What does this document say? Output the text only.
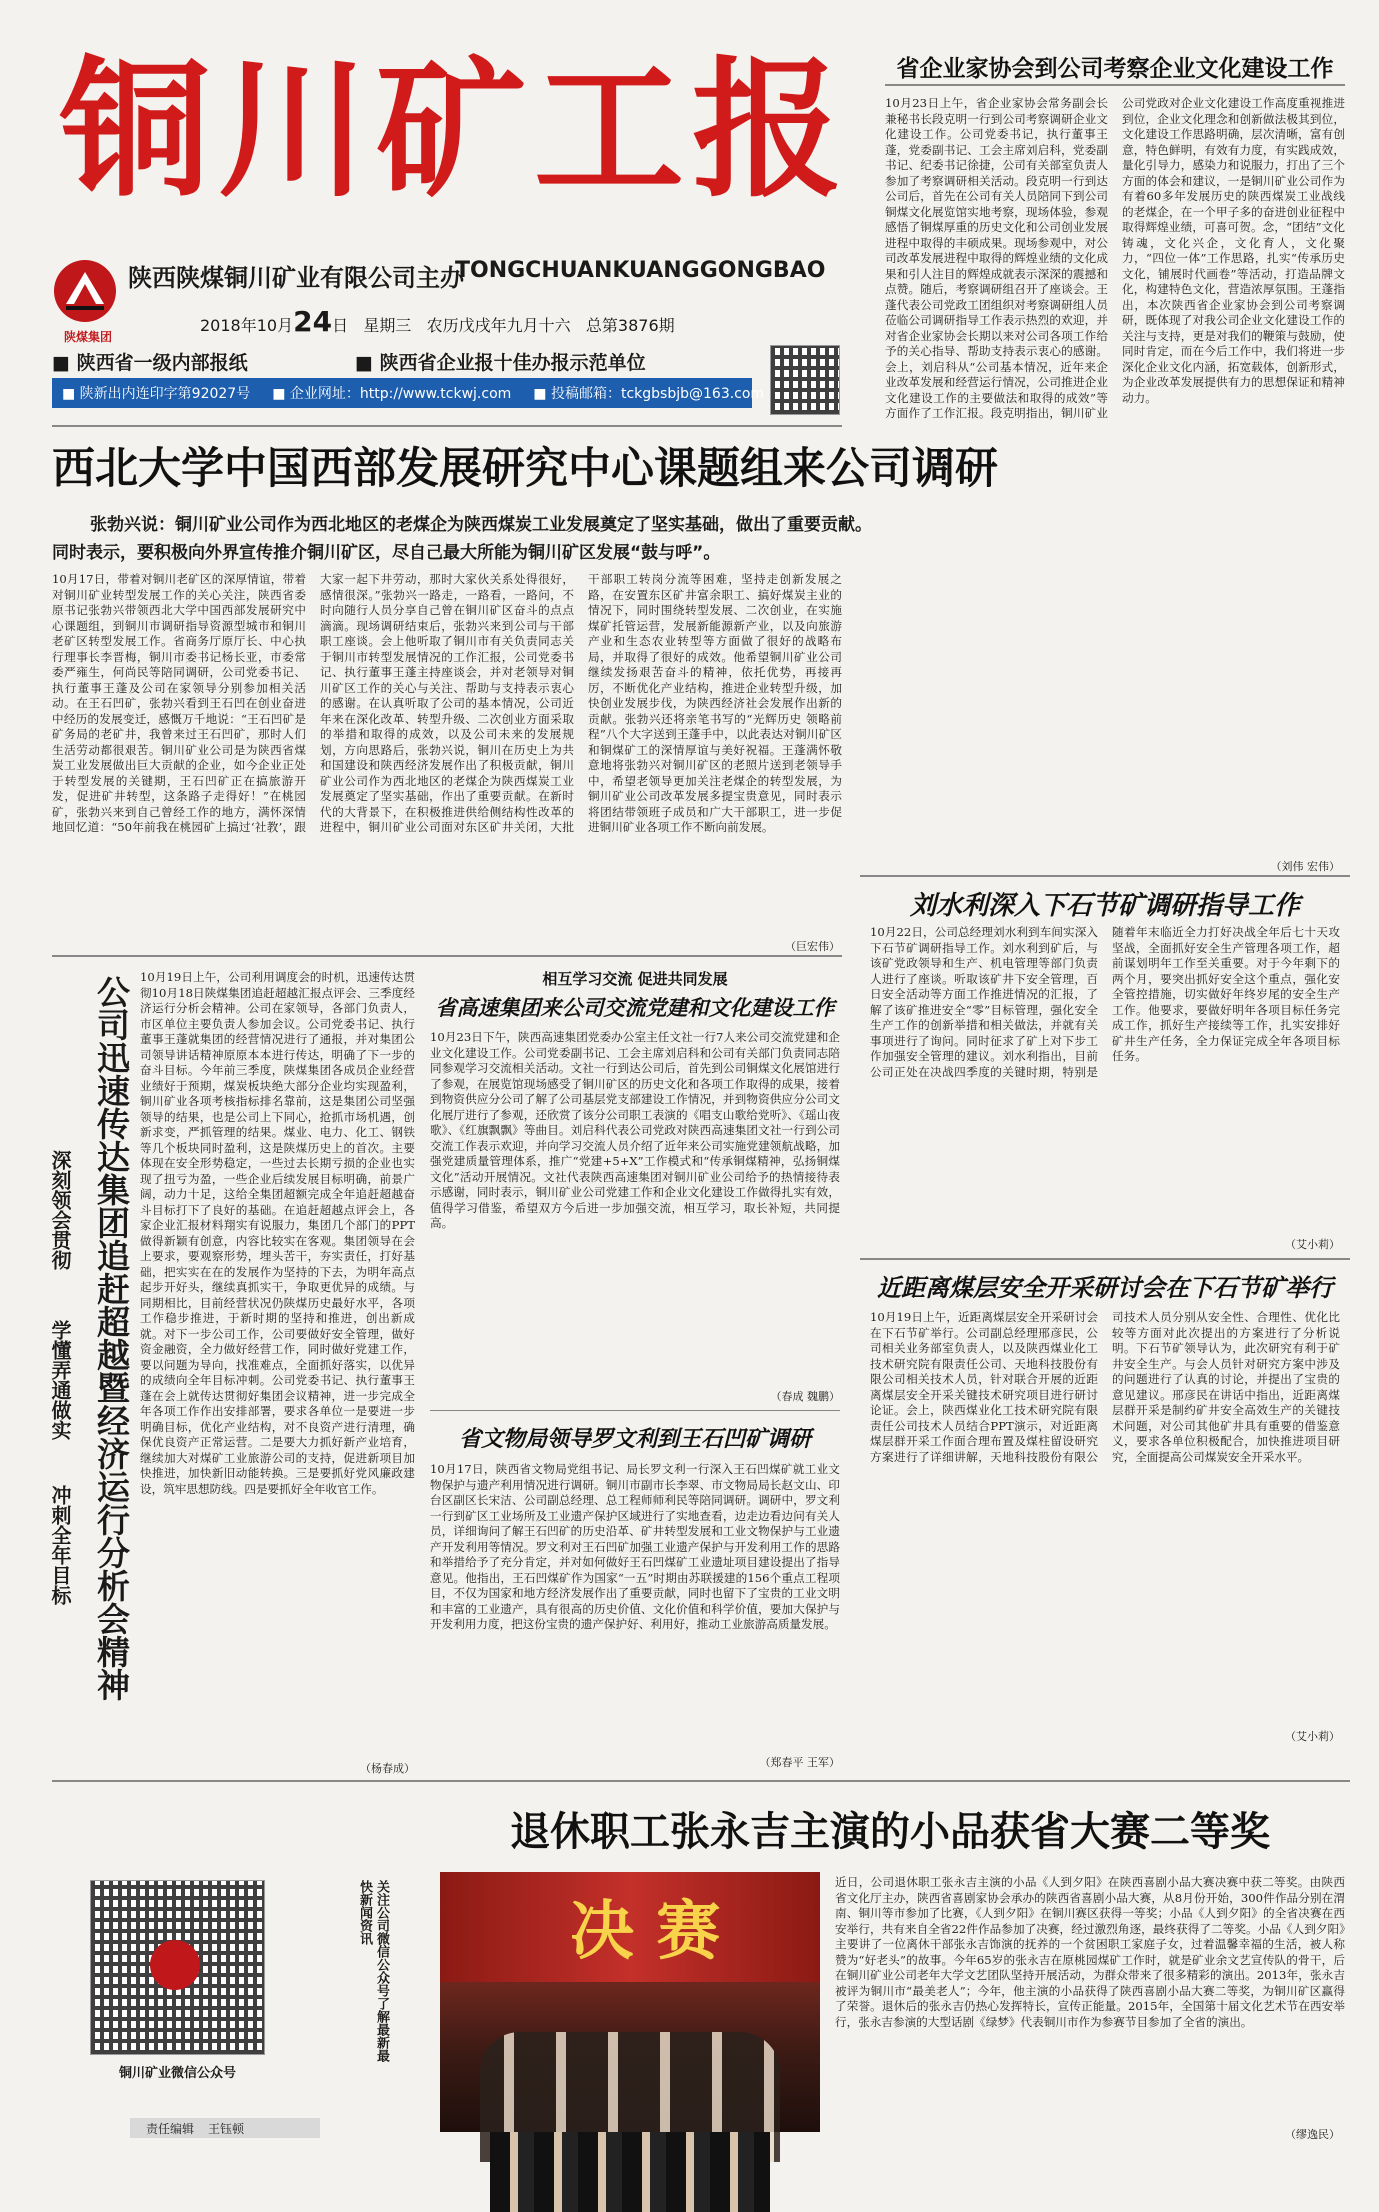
铜川矿工报
陕煤集团
陕西陕煤铜川矿业有限公司主办
TONGCHUANKUANGGONGBAO
2018年10月24日 星期三 农历戊戌年九月十六 总第3876期
■ 陕西省一级内部报纸	■ 陕西省企业报十佳办报示范单位
■ 陕新出内连印字第92027号 ■ 企业网址：http://www.tckwj.com ■ 投稿邮箱：tckgbsbjb@163.com
西北大学中国西部发展研究中心课题组来公司调研
张勃兴说：铜川矿业公司作为西北地区的老煤企为陕西煤炭工业发展奠定了坚实基础，做出了重要贡献。
同时表示，要积极向外界宣传推介铜川矿区，尽自己最大所能为铜川矿区发展“鼓与呼”。
10月17日，带着对铜川老矿区的深厚情谊，带着对铜川矿业转型发展工作的关心关注，陕西省委原书记张勃兴带领西北大学中国西部发展研究中心课题组，到铜川市调研指导资源型城市和铜川老矿区转型发展工作。省商务厅原厅长、中心执行理事长李晋梅，铜川市委书记杨长亚，市委常委严雍生，何尚民等陪同调研，公司党委书记、执行董事王蓬及公司在家领导分别参加相关活动。在王石凹矿，张勃兴看到王石凹在创业奋进中经历的发展变迁，感慨万千地说：“王石凹矿是矿务局的老矿井，我曾来过王石凹矿，那时人们生活劳动都很艰苦。铜川矿业公司是为陕西省煤炭工业发展做出巨大贡献的企业，如今企业正处于转型发展的关键期，王石凹矿正在搞旅游开发，促进矿井转型，这条路子走得好！”在桃园矿，张勃兴来到自己曾经工作的地方，满怀深情地回忆道：“50年前我在桃园矿上搞过‘社教’，跟大家一起下井劳动，那时大家伙关系处得很好，感情很深。”张勃兴一路走，一路看，一路问，不时向随行人员分享自己曾在铜川矿区奋斗的点点滴滴。现场调研结束后，张勃兴来到公司与干部职工座谈。会上他听取了铜川市有关负责同志关于铜川市转型发展情况的工作汇报，公司党委书记、执行董事王蓬主持座谈会，并对老领导对铜川矿区工作的关心与关注、帮助与支持表示衷心的感谢。在认真听取了公司的基本情况，公司近年来在深化改革、转型升级、二次创业方面采取的举措和取得的成效，以及公司未来的发展规划，方向思路后，张勃兴说，铜川在历史上为共和国建设和陕西经济发展作出了积极贡献，铜川矿业公司作为西北地区的老煤企为陕西煤炭工业发展奠定了坚实基础，作出了重要贡献。在新时代的大背景下，在积极推进供给侧结构性改革的进程中，铜川矿业公司面对东区矿井关闭，大批干部职工转岗分流等困难，坚持走创新发展之路，在安置东区矿井富余职工、搞好煤炭主业的情况下，同时围绕转型发展、二次创业，在实施煤矿托管运营，发展新能源新产业，以及向旅游产业和生态农业转型等方面做了很好的战略布局，并取得了很好的成效。他希望铜川矿业公司继续发扬艰苦奋斗的精神，依托优势，再接再厉，不断优化产业结构，推进企业转型升级，加快创业发展步伐，为陕西经济社会发展作出新的贡献。张勃兴还将亲笔书写的“光辉历史 领略前程”八个大字送到王蓬手中，以此表达对铜川矿区和铜煤矿工的深情厚谊与美好祝福。王蓬满怀敬意地将张勃兴对铜川矿区的老照片送到老领导手中，希望老领导更加关注老煤企的转型发展，为铜川矿业公司改革发展多提宝贵意见，同时表示将团结带领班子成员和广大干部职工，进一步促进铜川矿业各项工作不断向前发展。
（巨宏伟）
省企业家协会到公司考察企业文化建设工作
10月23日上午，省企业家协会常务副会长兼秘书长段克明一行到公司考察调研企业文化建设工作。公司党委书记，执行董事王蓬，党委副书记、工会主席刘启科，党委副书记、纪委书记徐捷，公司有关部室负责人参加了考察调研相关活动。段克明一行到达公司后，首先在公司有关人员陪同下到公司铜煤文化展览馆实地考察，现场体验，参观感悟了铜煤厚重的历史文化和公司创业发展进程中取得的丰硕成果。现场参观中，对公司改革发展进程中取得的辉煌业绩的文化成果和引人注目的辉煌成就表示深深的震撼和点赞。随后，考察调研组召开了座谈会。王蓬代表公司党政工团组织对考察调研组人员莅临公司调研指导工作表示热烈的欢迎，并对省企业家协会长期以来对公司各项工作给予的关心指导、帮助支持表示衷心的感谢。会上，刘启科从“公司基本情况，近年来企业改革发展和经营运行情况，公司推进企业文化建设工作的主要做法和取得的成效”等方面作了工作汇报。段克明指出，铜川矿业公司党政对企业文化建设工作高度重视推进到位，企业文化理念和创新做法极其到位，文化建设工作思路明确，层次清晰，富有创意，特色鲜明，有效有力度，有实践成效，量化引导力，感染力和说服力，打出了三个方面的体会和建议，一是铜川矿业公司作为有着60多年发展历史的陕西煤炭工业战线的老煤企，在一个甲子多的奋进创业征程中取得辉煌业绩，可喜可贺。念，“团结”文化铸魂，文化兴企，文化育人，文化聚力，“四位一体”工作思路，扎实“传承历史文化，铺展时代画卷”等活动，打造品牌文化，构建特色文化，营造浓厚氛围。王蓬指出，本次陕西省企业家协会到公司考察调研，既体现了对我公司企业文化建设工作的关注与支持，更是对我们的鞭策与鼓励，使同时肯定，而在今后工作中，我们将进一步深化企业文化内涵，拓宽载体，创新形式，为企业改革发展提供有力的思想保证和精神动力。
（刘伟 宏伟）
刘水利深入下石节矿调研指导工作
10月22日，公司总经理刘水利到车间实深入下石节矿调研指导工作。刘水利到矿后，与该矿党政领导和生产、机电管理等部门负责人进行了座谈。听取该矿井下安全管理，百日安全活动等方面工作推进情况的汇报，了解了该矿推进安全“零”目标管理，强化安全生产工作的创新举措和相关做法，并就有关事项进行了询问。同时征求了矿上对下步工作加强安全管理的建议。刘水利指出，目前公司正处在决战四季度的关键时期，特别是随着年末临近全力打好决战全年后七十天攻坚战，全面抓好安全生产管理各项工作，超前谋划明年工作至关重要。对于今年剩下的两个月，要突出抓好安全这个重点，强化安全管控措施，切实做好年终岁尾的安全生产工作。他要求，要做好明年各项目标任务完成工作，抓好生产接续等工作，扎实安排好矿井生产任务，全力保证完成全年各项目标任务。
（艾小莉）
近距离煤层安全开采研讨会在下石节矿举行
10月19日上午，近距离煤层安全开采研讨会在下石节矿举行。公司副总经理邢彦民，公司相关业务部室负责人，以及陕西煤业化工技术研究院有限责任公司、天地科技股份有限公司相关技术人员，针对联合开展的近距离煤层安全开采关键技术研究项目进行研讨论证。会上，陕西煤业化工技术研究院有限责任公司技术人员结合PPT演示，对近距离煤层群开采工作面合理布置及煤柱留设研究方案进行了详细讲解，天地科技股份有限公司技术人员分别从安全性、合理性、优化比较等方面对此次提出的方案进行了分析说明。下石节矿领导认为，此次研究有利于矿井安全生产。与会人员针对研究方案中涉及的问题进行了认真的讨论，并提出了宝贵的意见建议。邢彦民在讲话中指出，近距离煤层群开采是制约矿井安全高效生产的关键技术问题，对公司其他矿井具有重要的借鉴意义，要求各单位积极配合，加快推进项目研究，全面提高公司煤炭安全开采水平。
（艾小莉）
公司迅速传达集团追赶超越暨经济运行分析会精神
深刻领会贯彻
学懂弄通做实
冲刺全年目标
10月19日上午，公司利用调度会的时机，迅速传达贯彻10月18日陕煤集团追赶超越汇报点评会、三季度经济运行分析会精神。公司在家领导，各部门负责人，市区单位主要负责人参加会议。公司党委书记、执行董事王蓬就集团的经营情况进行了通报，并对集团公司领导讲话精神原原本本进行传达，明确了下一步的奋斗目标。今年前三季度，陕煤集团各成员企业经营业绩好于预期，煤炭板块绝大部分企业均实现盈利，铜川矿业各项考核指标排名靠前，这是集团公司坚强领导的结果，也是公司上下同心，抢抓市场机遇，创新求变，严抓管理的结果。煤业、电力、化工、钢铁等几个板块同时盈利，这是陕煤历史上的首次。主要体现在安全形势稳定，一些过去长期亏损的企业也实现了扭亏为盈，一些企业后续发展目标明确，前景广阔，动力十足，这给全集团超额完成全年追赶超越奋斗目标打下了良好的基础。在追赶超越点评会上，各家企业汇报材料翔实有说服力，集团几个部门的PPT做得新颖有创意，内容比较实在客观。集团领导在会上要求，要观察形势，埋头苦干，夯实责任，打好基础，把实实在在的发展作为坚持的下去，为明年高点起步开好头，继续真抓实干，争取更优异的成绩。与同期相比，目前经营状况仍陕煤历史最好水平，各项工作稳步推进，于新时期的坚持和推进，创出新成就。对下一步公司工作，公司要做好安全管理，做好资金融资，全力做好经营工作，同时做好党建工作，要以问题为导向，找准难点，全面抓好落实，以优异的成绩向全年目标冲刺。公司党委书记、执行董事王蓬在会上就传达贯彻好集团会议精神，进一步完成全年各项工作作出安排部署，要求各单位一是要进一步明确目标，优化产业结构，对不良资产进行清理，确保优良资产正常运营。二是要大力抓好新产业培育，继续加大对煤矿工业旅游公司的支持，促进新项目加快推进，加快新旧动能转换。三是要抓好党风廉政建设，筑牢思想防线。四是要抓好全年收官工作。
（杨春成）
相互学习交流 促进共同发展
省高速集团来公司交流党建和文化建设工作
10月23日下午，陕西高速集团党委办公室主任文社一行7人来公司交流党建和企业文化建设工作。公司党委副书记、工会主席刘启科和公司有关部门负责同志陪同参观学习交流相关活动。文社一行到达公司后，首先到公司铜煤文化展馆进行了参观，在展览馆现场感受了铜川矿区的历史文化和各项工作取得的成果，接着到物资供应分公司了解了公司基层党支部建设工作情况，并到物资供应分公司文化展厅进行了参观，还欣赏了该分公司职工表演的《唱支山歌给党听》、《瑶山夜歌》、《红旗飘飘》等曲目。刘启科代表公司党政对陕西高速集团文社一行到公司交流工作表示欢迎，并向学习交流人员介绍了近年来公司实施党建领航战略，加强党建质量管理体系，推广“党建+5+X”工作模式和“传承铜煤精神，弘扬铜煤文化”活动开展情况。文社代表陕西高速集团对铜川矿业公司给予的热情接待表示感谢，同时表示，铜川矿业公司党建工作和企业文化建设工作做得扎实有效，值得学习借鉴，希望双方今后进一步加强交流，相互学习，取长补短，共同提高。
（春成 魏鹏）
省文物局领导罗文利到王石凹矿调研
10月17日，陕西省文物局党组书记、局长罗文利一行深入王石凹煤矿就工业文物保护与遗产利用情况进行调研。铜川市副市长李翠、市文物局局长赵文山、印台区副区长宋洁、公司副总经理、总工程师师利民等陪同调研。调研中，罗文利一行到矿区工业场所及工业遗产保护区域进行了实地查看，边走边看边问有关人员，详细询问了解王石凹矿的历史沿革、矿井转型发展和工业文物保护与工业遗产开发利用等情况。罗文利对王石凹矿加强工业遗产保护与开发利用工作的思路和举措给予了充分肯定，并对如何做好王石凹煤矿工业遗址项目建设提出了指导意见。他指出，王石凹煤矿作为国家“一五”时期由苏联援建的156个重点工程项目，不仅为国家和地方经济发展作出了重要贡献，同时也留下了宝贵的工业文明和丰富的工业遗产，具有很高的历史价值、文化价值和科学价值，要加大保护与开发利用力度，把这份宝贵的遗产保护好、利用好，推动工业旅游高质量发展。
（郑春平 王军）
退休职工张永吉主演的小品获省大赛二等奖
决 赛
近日，公司退休职工张永吉主演的小品《人到夕阳》在陕西喜剧小品大赛决赛中获二等奖。由陕西省文化厅主办，陕西省喜剧家协会承办的陕西省喜剧小品大赛，从8月份开始，300件作品分别在渭南、铜川等市参加了比赛，《人到夕阳》在铜川赛区获得一等奖；小品《人到夕阳》的全省决赛在西安举行，共有来自全省22件作品参加了决赛，经过激烈角逐，最终获得了二等奖。小品《人到夕阳》主要讲了一位离休干部张永吉饰演的抚养的一个贫困职工家庭子女，过着温馨幸福的生活，被人称赞为“好老头”的故事。今年65岁的张永吉在原桃园煤矿工作时，就是矿业余文艺宣传队的骨干，后在铜川矿业公司老年大学文艺团队坚持开展活动，为群众带来了很多精彩的演出。2013年，张永吉被评为铜川市“最美老人”；今年，他主演的小品获得了陕西喜剧小品大赛二等奖，为铜川矿区赢得了荣誉。退休后的张永吉仍热心发挥特长，宣传正能量。2015年，全国第十届文化艺术节在西安举行，张永吉参演的大型话剧《绿梦》代表铜川市作为参赛节目参加了全省的演出。
（缪逸民）
关注公司微信公众号了解最新最快新闻资讯
铜川矿业微信公众号
责任编辑 王钰顿
